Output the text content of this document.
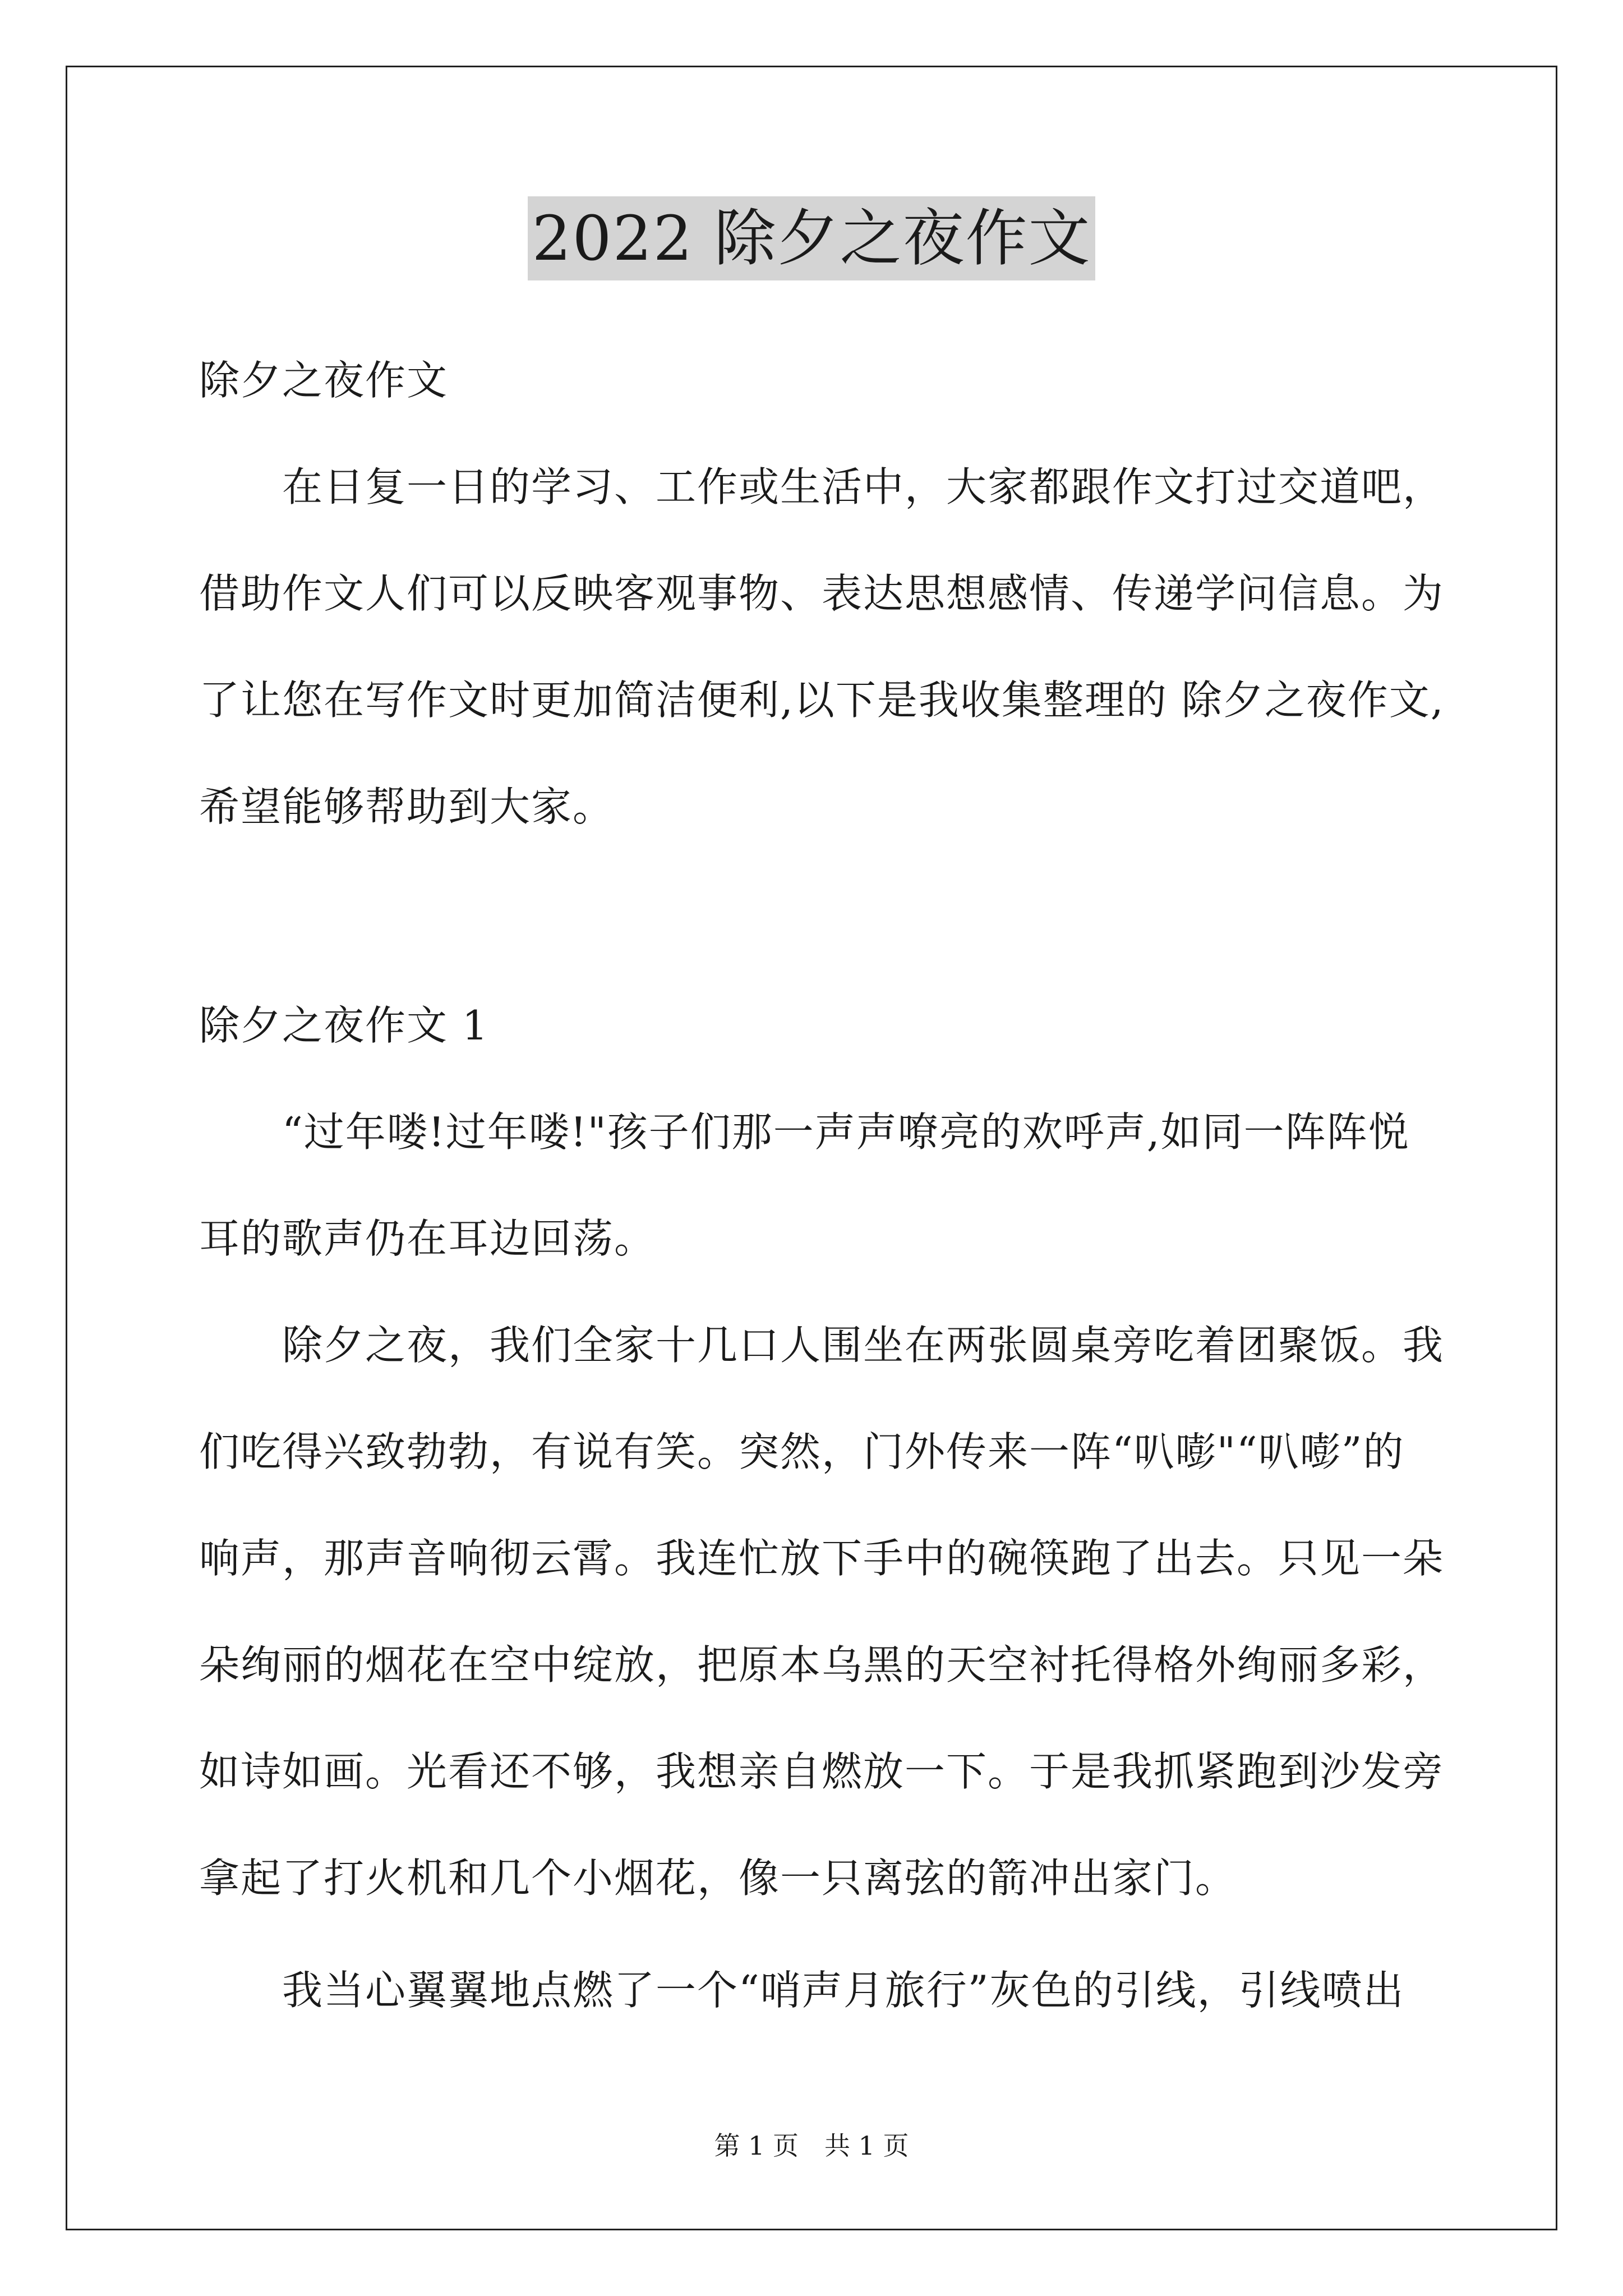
2022 除夕之夜作文
除夕之夜作文
　　在日复一日的学习、工作或生活中，大家都跟作文打过交道吧，
借助作文人们可以反映客观事物、表达思想感情、传递学问信息。为
了让您在写作文时更加简洁便利,以下是我收集整理的 除夕之夜作文,
希望能够帮助到大家。
除夕之夜作文 1
　　“过年喽!过年喽!"孩子们那一声声嘹亮的欢呼声,如同一阵阵悦
耳的歌声仍在耳边回荡。
　　除夕之夜，我们全家十几口人围坐在两张圆桌旁吃着团聚饭。我
们吃得兴致勃勃，有说有笑。突然，门外传来一阵“叭嘭"“叭嘭”的
响声，那声音响彻云霄。我连忙放下手中的碗筷跑了出去。只见一朵
朵绚丽的烟花在空中绽放，把原本乌黑的天空衬托得格外绚丽多彩，
如诗如画。光看还不够，我想亲自燃放一下。于是我抓紧跑到沙发旁
拿起了打火机和几个小烟花，像一只离弦的箭冲出家门。
　　我当心翼翼地点燃了一个“哨声月旅行”灰色的引线，引线喷出
第 1 页　共 1 页
